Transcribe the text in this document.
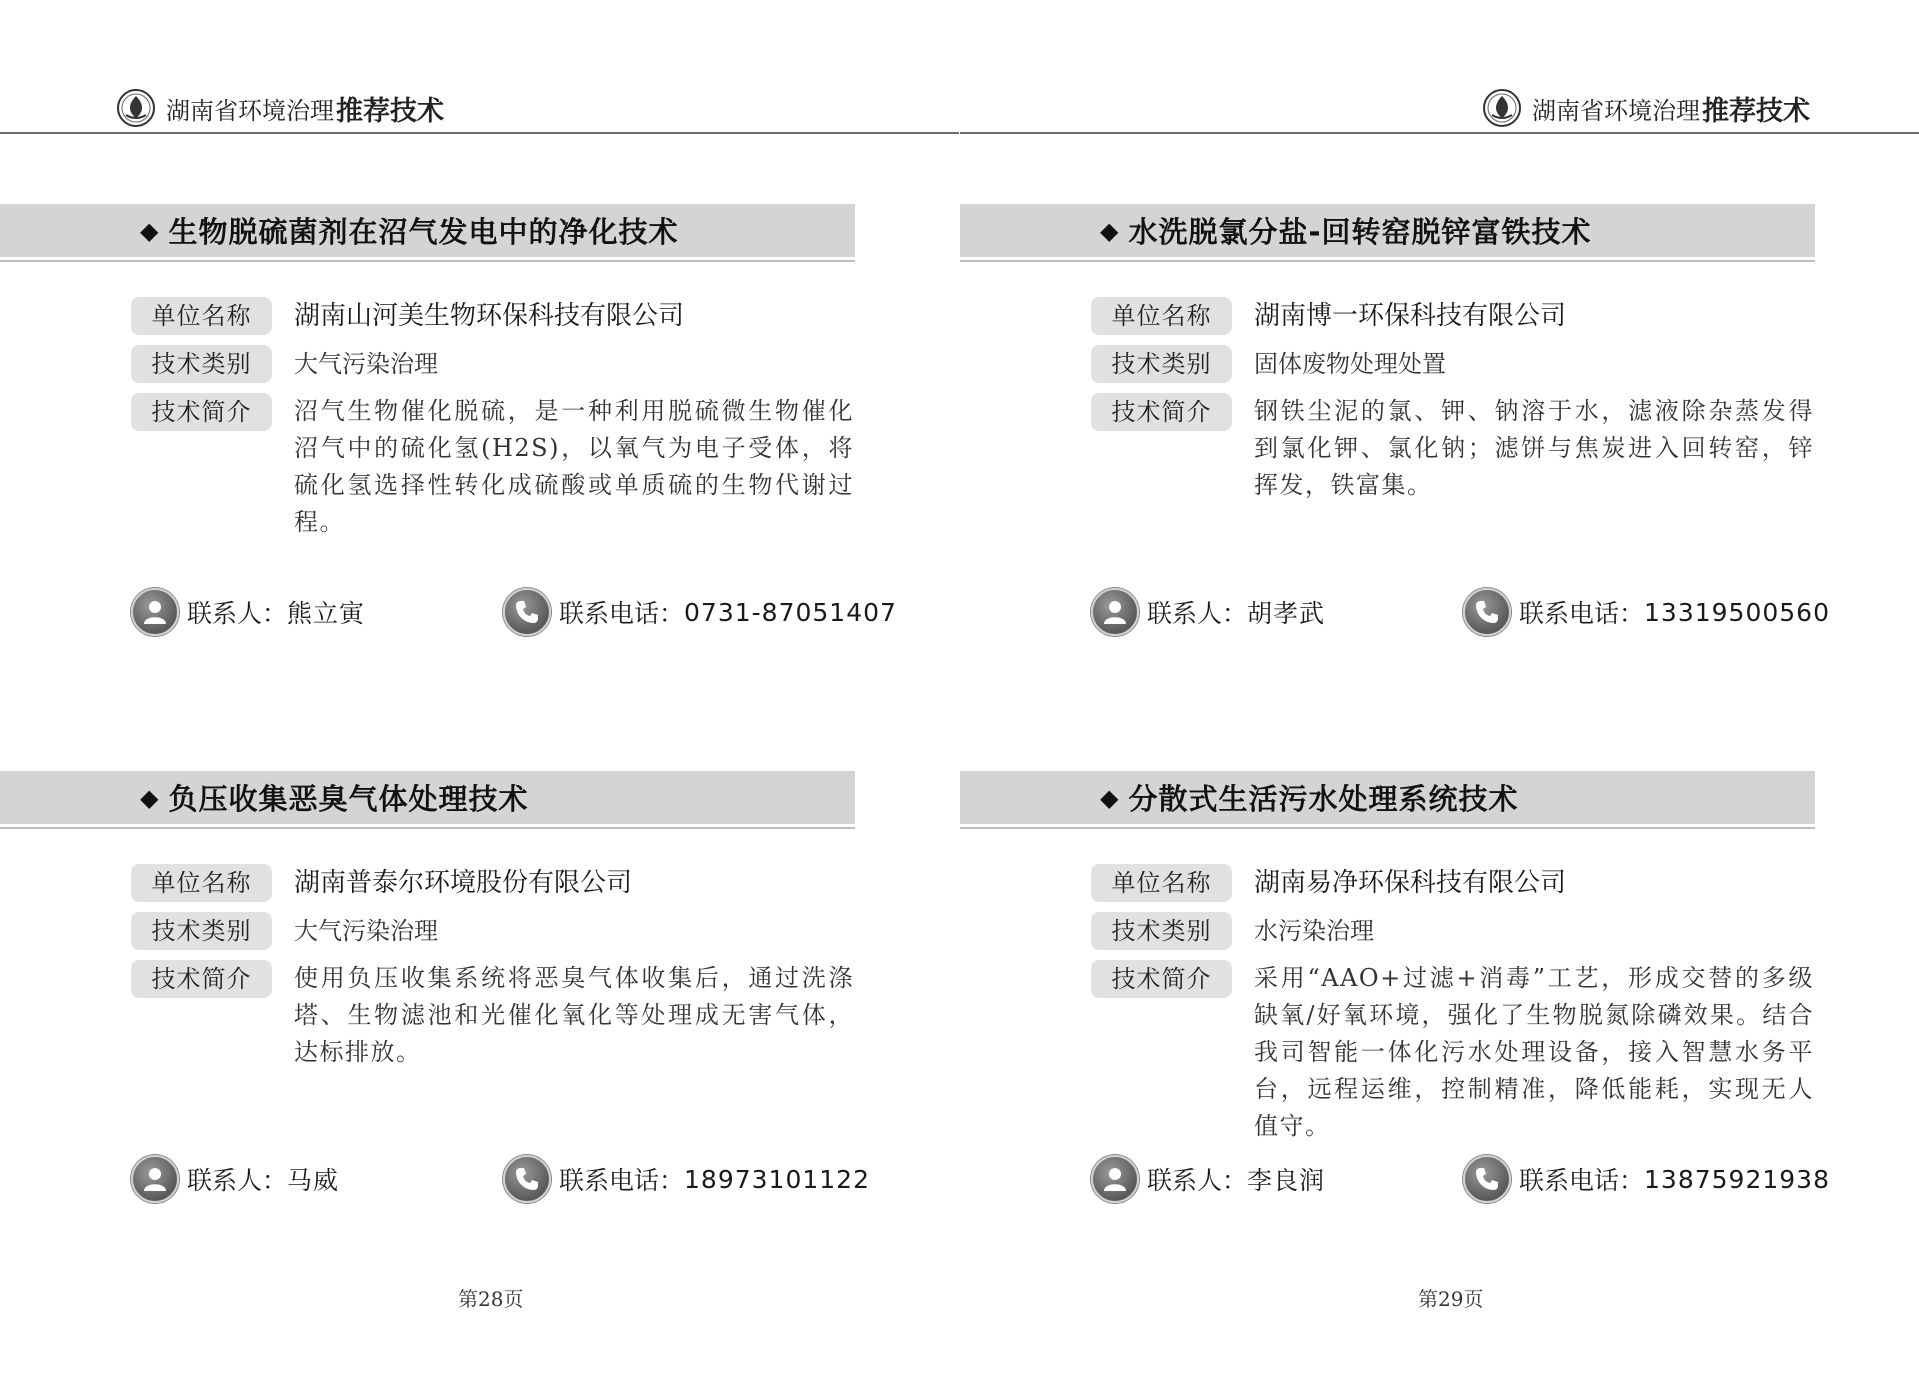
湖南省环境治理 推荐技术
◆ 生物脱硫菌剂在沼气发电中的净化技术
单位名称	湖南山河美生物环保科技有限公司
技术类别	大气污染治理
技术简介	沼气生物催化脱硫，是一种利用脱硫微生物催化沼气中的硫化氢(H2S)，以氧气为电子受体，将硫化氢选择性转化成硫酸或单质硫的生物代谢过程。
联系人： 熊立寅	联系电话： 0731-87051407
◆ 负压收集恶臭气体处理技术
单位名称	湖南普泰尔环境股份有限公司
技术类别	大气污染治理
技术简介	使用负压收集系统将恶臭气体收集后，通过洗涤塔、生物滤池和光催化氧化等处理成无害气体，达标排放。
联系人： 马威	联系电话： 18973101122
第28页
湖南省环境治理 推荐技术
◆ 水洗脱氯分盐-回转窑脱锌富铁技术
单位名称	湖南博一环保科技有限公司
技术类别	固体废物处理处置
技术简介	钢铁尘泥的氯、钾、钠溶于水，滤液除杂蒸发得到氯化钾、氯化钠；滤饼与焦炭进入回转窑，锌挥发，铁富集。
联系人： 胡孝武	联系电话： 13319500560
◆ 分散式生活污水处理系统技术
单位名称	湖南易净环保科技有限公司
技术类别	水污染治理
技术简介	采用“AAO+过滤+消毒”工艺，形成交替的多级缺氧/好氧环境，强化了生物脱氮除磷效果。结合我司智能一体化污水处理设备，接入智慧水务平台，远程运维，控制精准，降低能耗，实现无人值守。
联系人： 李良润	联系电话： 13875921938
第29页
